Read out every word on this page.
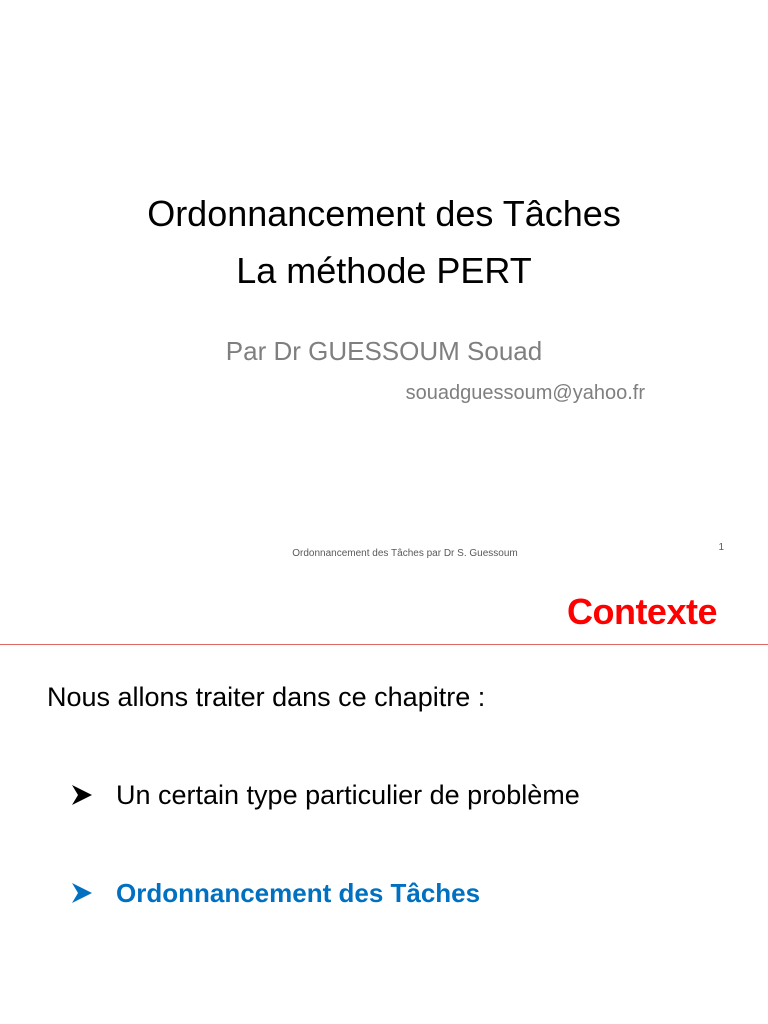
Ordonnancement des Tâches
La méthode PERT
Par Dr GUESSOUM Souad
souadguessoum@yahoo.fr
Ordonnancement des Tâches par Dr S. Guessoum
1
Contexte
Nous allons traiter dans ce chapitre :
Un certain type particulier de problème
Ordonnancement des Tâches
